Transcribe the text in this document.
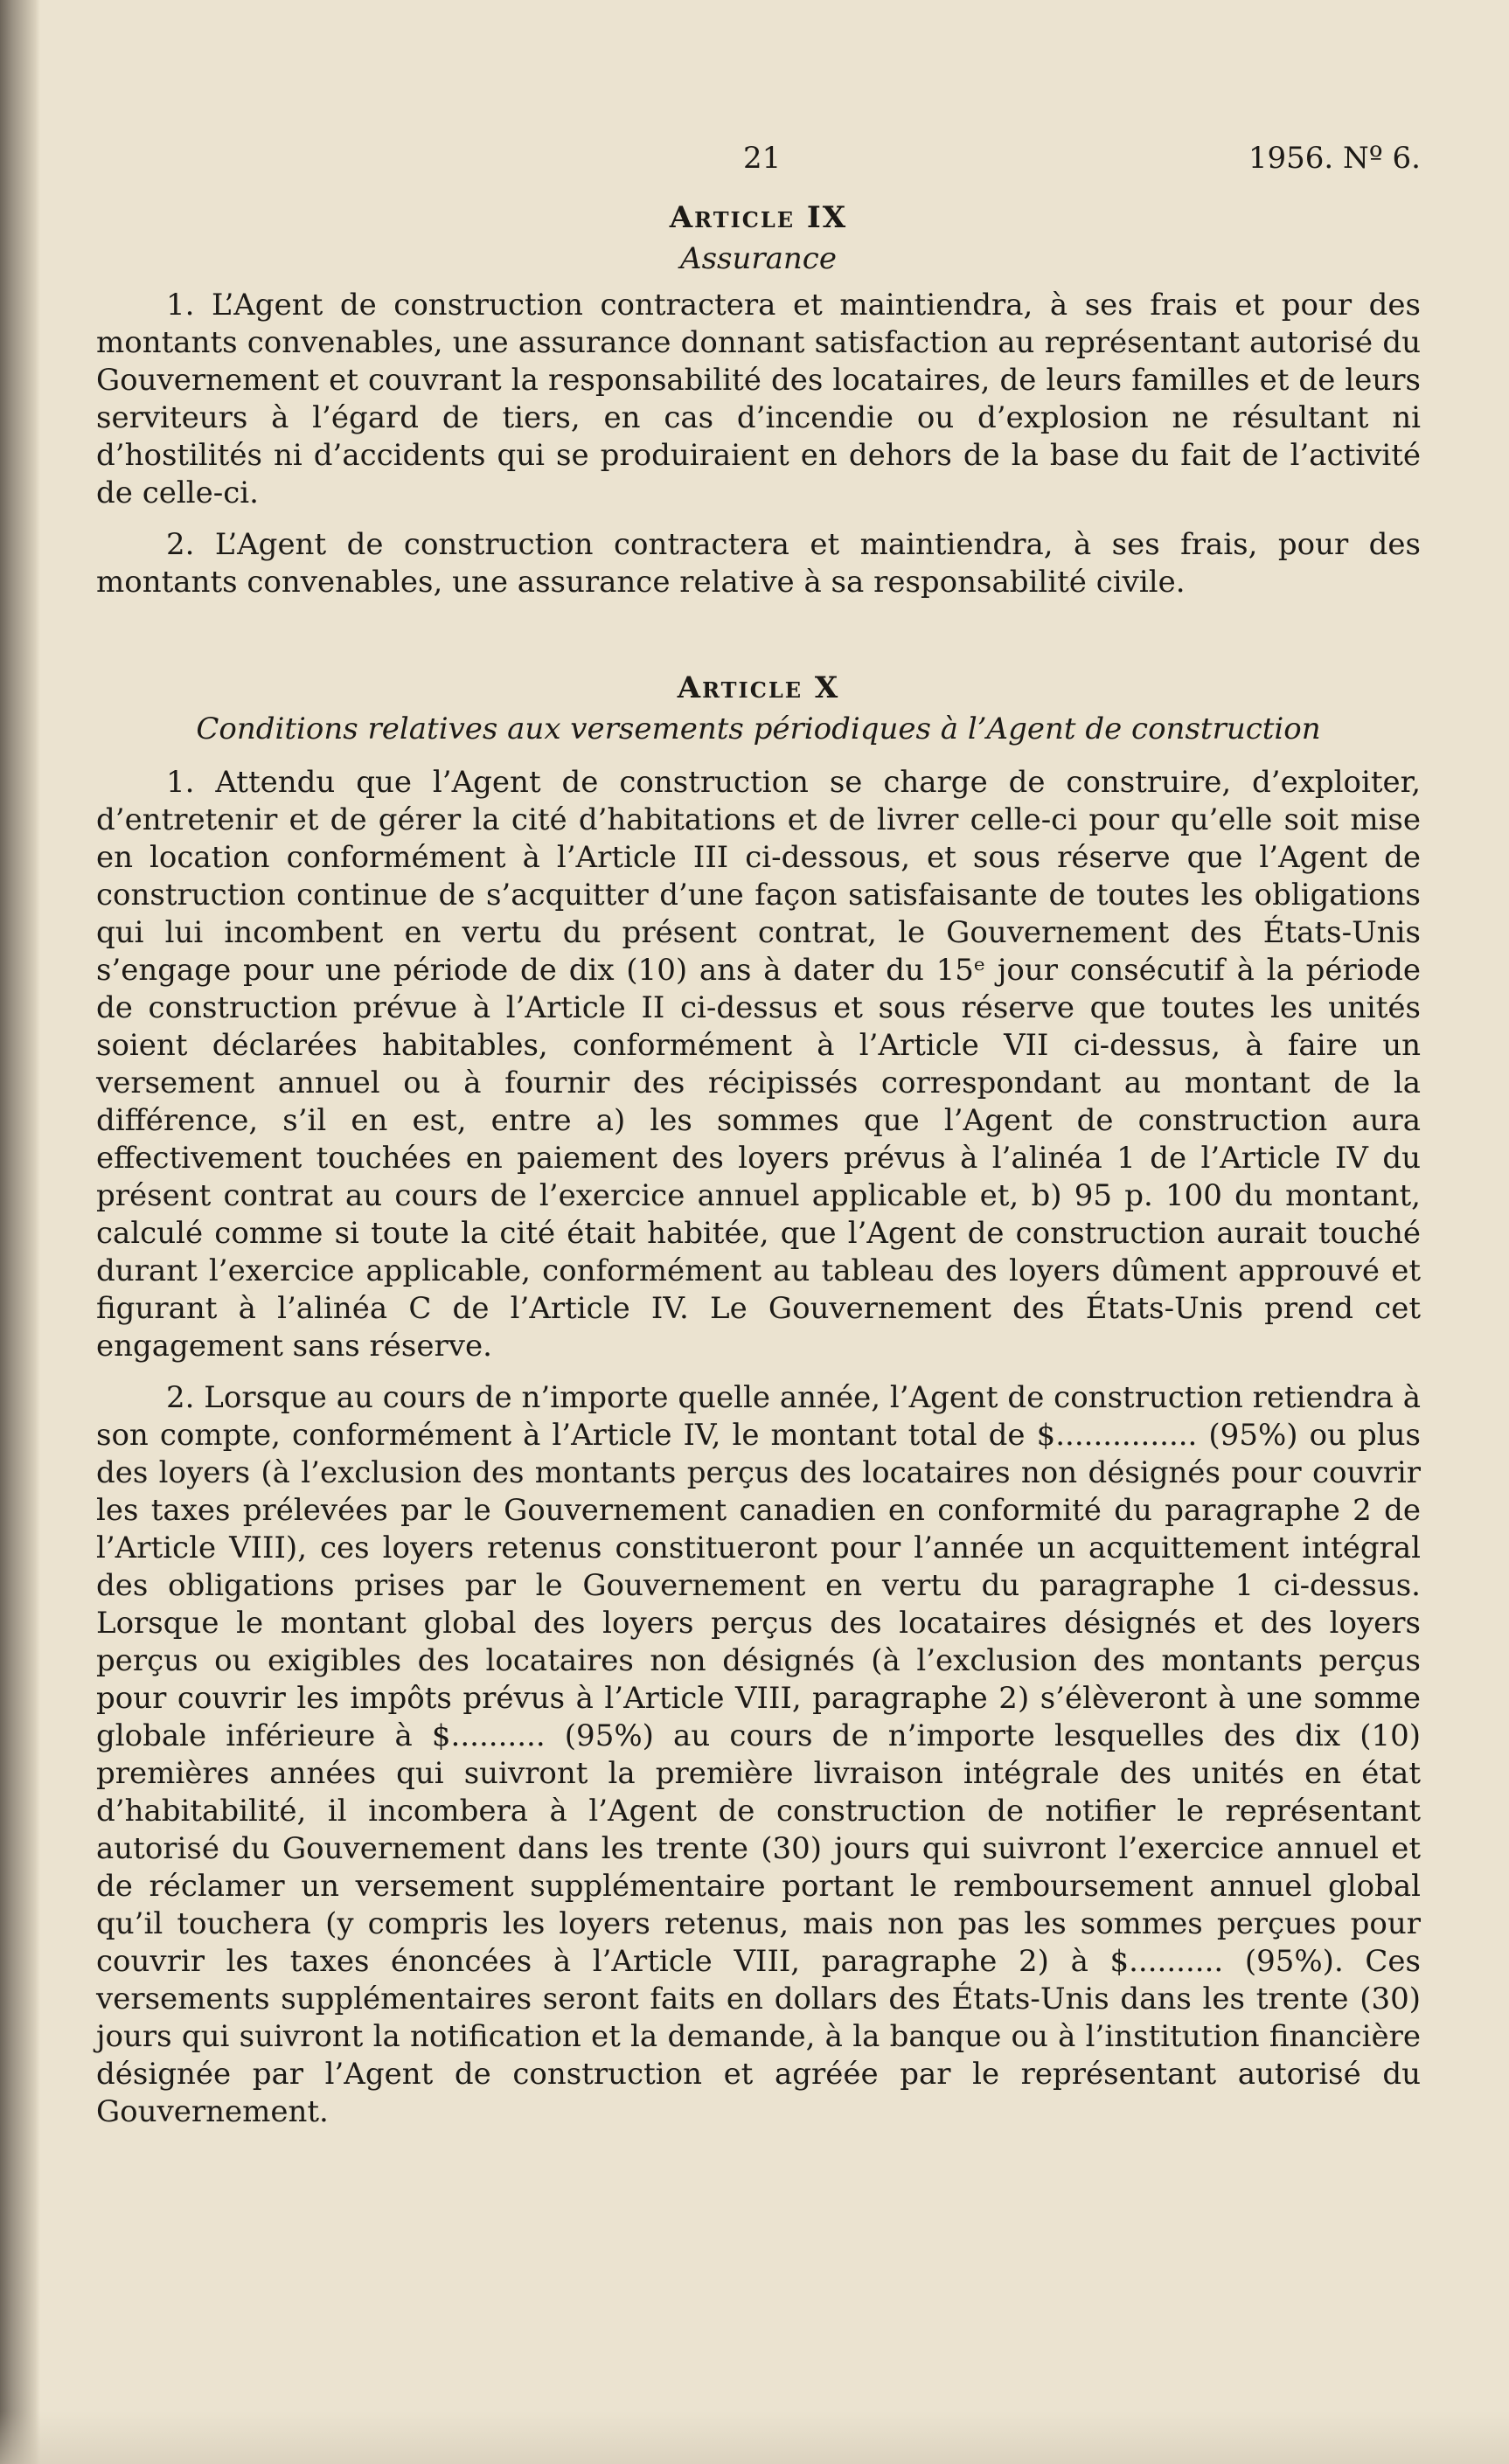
21	1956. Nº 6.
Article IX
Assurance

1. L’Agent de construction contractera et maintiendra, à ses frais et pour des montants convenables, une assurance donnant satisfaction au représentant autorisé du Gouvernement et couvrant la responsabilité des locataires, de leurs familles et de leurs serviteurs à l’égard de tiers, en cas d’incendie ou d’explosion ne résultant ni d’hostilités ni d’accidents qui se produiraient en dehors de la base du fait de l’activité de celle-ci.

2. L’Agent de construction contractera et maintiendra, à ses frais, pour des montants convenables, une assurance relative à sa responsabilité civile.

Article X
Conditions relatives aux versements périodiques à l’Agent de construction

1. Attendu que l’Agent de construction se charge de construire, d’exploiter, d’entretenir et de gérer la cité d’habitations et de livrer celle-ci pour qu’elle soit mise en location conformément à l’Article III ci-dessous, et sous réserve que l’Agent de construction continue de s’acquitter d’une façon satisfaisante de toutes les obligations qui lui incombent en vertu du présent contrat, le Gouvernement des États-Unis s’engage pour une période de dix (10) ans à dater du 15ᵉ jour consécutif à la période de construction prévue à l’Article II ci-dessus et sous réserve que toutes les unités soient déclarées habitables, conformément à l’Article VII ci-dessus, à faire un versement annuel ou à fournir des récipissés correspondant au montant de la différence, s’il en est, entre a) les sommes que l’Agent de construction aura effectivement touchées en paiement des loyers prévus à l’alinéa 1 de l’Article IV du présent contrat au cours de l’exercice annuel applicable et, b) 95 p. 100 du montant, calculé comme si toute la cité était habitée, que l’Agent de construction aurait touché durant l’exercice applicable, conformément au tableau des loyers dûment approuvé et figurant à l’alinéa C de l’Article IV. Le Gouvernement des États-Unis prend cet engagement sans réserve.

2. Lorsque au cours de n’importe quelle année, l’Agent de construction retiendra à son compte, conformément à l’Article IV, le montant total de $............... (95%) ou plus des loyers (à l’exclusion des montants perçus des locataires non désignés pour couvrir les taxes prélevées par le Gouvernement canadien en conformité du paragraphe 2 de l’Article VIII), ces loyers retenus constitueront pour l’année un acquittement intégral des obligations prises par le Gouvernement en vertu du paragraphe 1 ci-dessus. Lorsque le montant global des loyers perçus des locataires désignés et des loyers perçus ou exigibles des locataires non désignés (à l’exclusion des montants perçus pour couvrir les impôts prévus à l’Article VIII, paragraphe 2) s’élèveront à une somme globale inférieure à $.......... (95%) au cours de n’importe lesquelles des dix (10) premières années qui suivront la première livraison intégrale des unités en état d’habitabilité, il incombera à l’Agent de construction de notifier le représentant autorisé du Gouvernement dans les trente (30) jours qui suivront l’exercice annuel et de réclamer un versement supplémentaire portant le remboursement annuel global qu’il touchera (y compris les loyers retenus, mais non pas les sommes perçues pour couvrir les taxes énoncées à l’Article VIII, paragraphe 2) à $.......... (95%). Ces versements supplémentaires seront faits en dollars des États-Unis dans les trente (30) jours qui suivront la notification et la demande, à la banque ou à l’institution financière désignée par l’Agent de construction et agréée par le représentant autorisé du Gouvernement.
